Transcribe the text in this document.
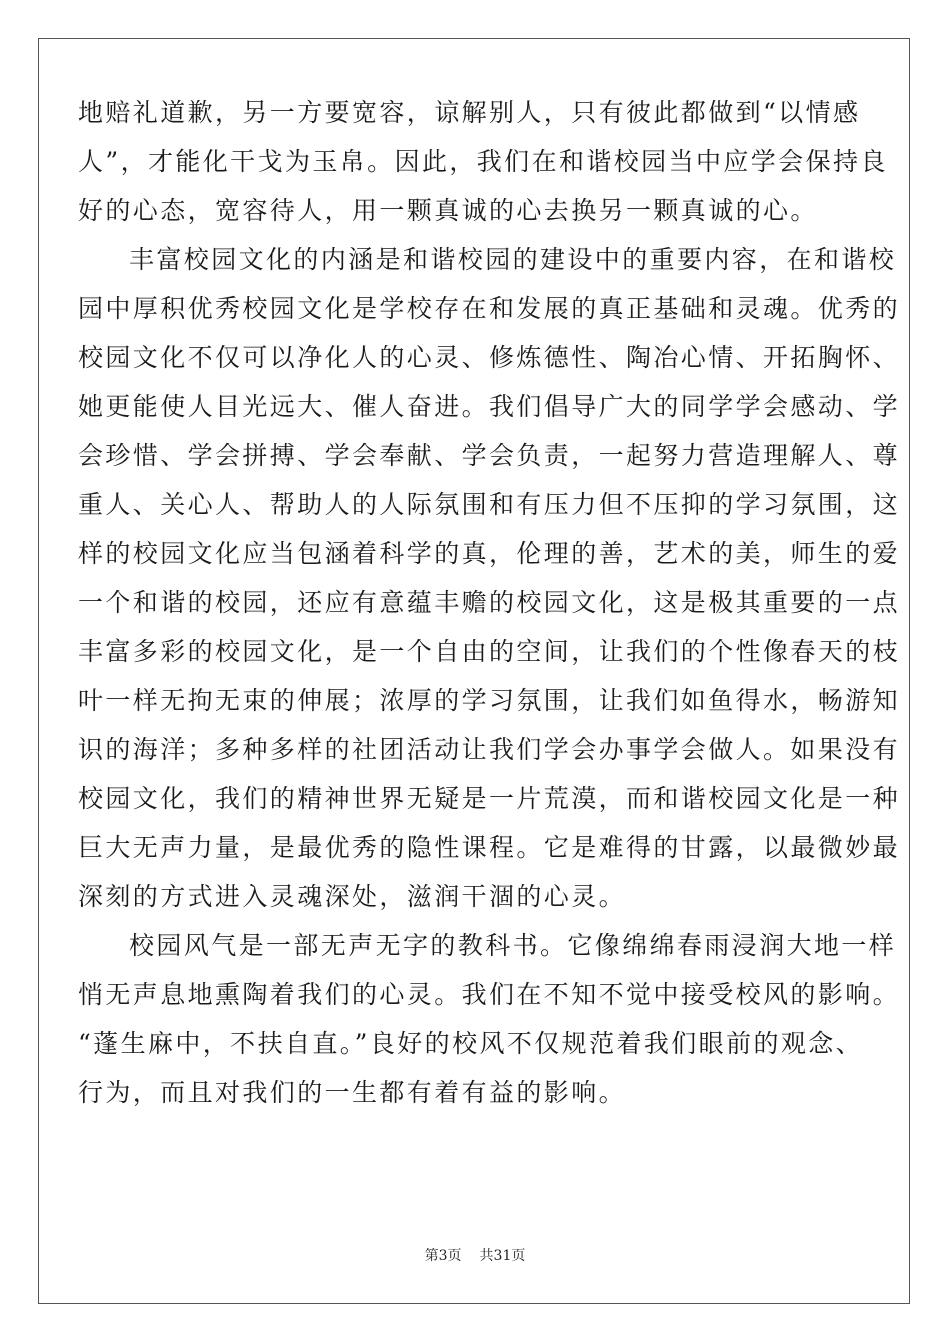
地赔礼道歉，另一方要宽容，谅解别人，只有彼此都做到“以情感
人”，才能化干戈为玉帛。因此，我们在和谐校园当中应学会保持良
好的心态，宽容待人，用一颗真诚的心去换另一颗真诚的心。
丰富校园文化的内涵是和谐校园的建设中的重要内容，在和谐校
园中厚积优秀校园文化是学校存在和发展的真正基础和灵魂。优秀的
校园文化不仅可以净化人的心灵、修炼德性、陶冶心情、开拓胸怀、
她更能使人目光远大、催人奋进。我们倡导广大的同学学会感动、学
会珍惜、学会拼搏、学会奉献、学会负责，一起努力营造理解人、尊
重人、关心人、帮助人的人际氛围和有压力但不压抑的学习氛围，这
样的校园文化应当包涵着科学的真，伦理的善，艺术的美，师生的爱
一个和谐的校园，还应有意蕴丰赡的校园文化，这是极其重要的一点
丰富多彩的校园文化，是一个自由的空间，让我们的个性像春天的枝
叶一样无拘无束的伸展；浓厚的学习氛围，让我们如鱼得水，畅游知
识的海洋；多种多样的社团活动让我们学会办事学会做人。如果没有
校园文化，我们的精神世界无疑是一片荒漠，而和谐校园文化是一种
巨大无声力量，是最优秀的隐性课程。它是难得的甘露，以最微妙最
深刻的方式进入灵魂深处，滋润干涸的心灵。
校园风气是一部无声无字的教科书。它像绵绵春雨浸润大地一样
悄无声息地熏陶着我们的心灵。我们在不知不觉中接受校风的影响。
“蓬生麻中，不扶自直。”良好的校风不仅规范着我们眼前的观念、
行为，而且对我们的一生都有着有益的影响。
第3页 共31页
